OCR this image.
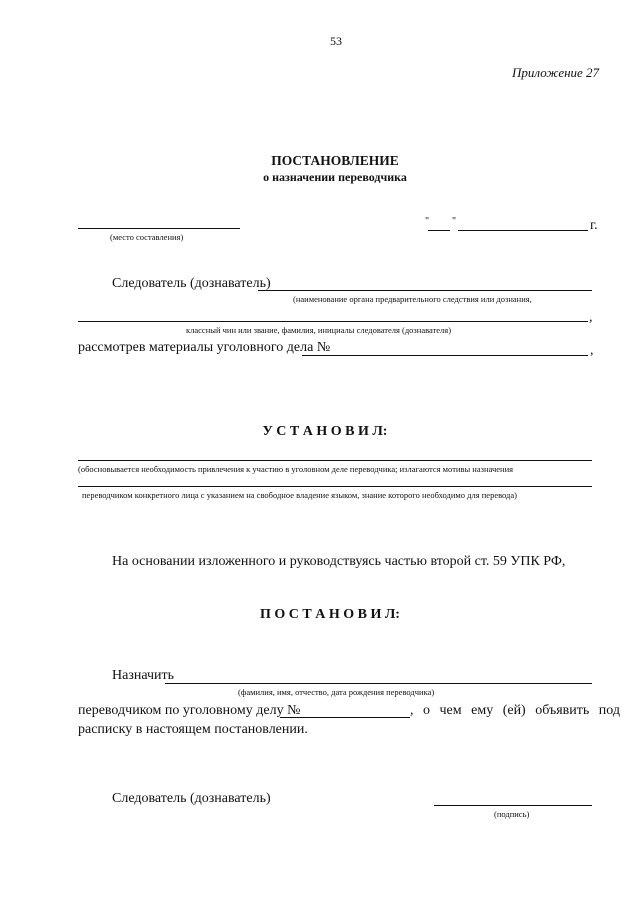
53
Приложение 27
ПОСТАНОВЛЕНИЕ
о назначении переводчика
(место составления)
" "	г.
Следователь (дознаватель)
(наименование органа предварительного следствия или дознания,
,
классный чин или звание, фамилия, инициалы следователя (дознавателя)
рассмотрев материалы уголовного дела №	,
У С Т А Н О В И Л:
(обосновывается необходимость привлечения к участию в уголовном деле переводчика; излагаются мотивы назначения
переводчиком конкретного лица с указанием на свободное владение языком, знание которого необходимо для перевода)
На основании изложенного и руководствуясь частью второй ст. 59 УПК РФ,
П О С Т А Н О В И Л:
Назначить
(фамилия, имя, отчество, дата рождения переводчика)
переводчиком по уголовному делу №	, о чем ему (ей) объявить под
расписку в настоящем постановлении.
Следователь (дознаватель)
(подпись)
